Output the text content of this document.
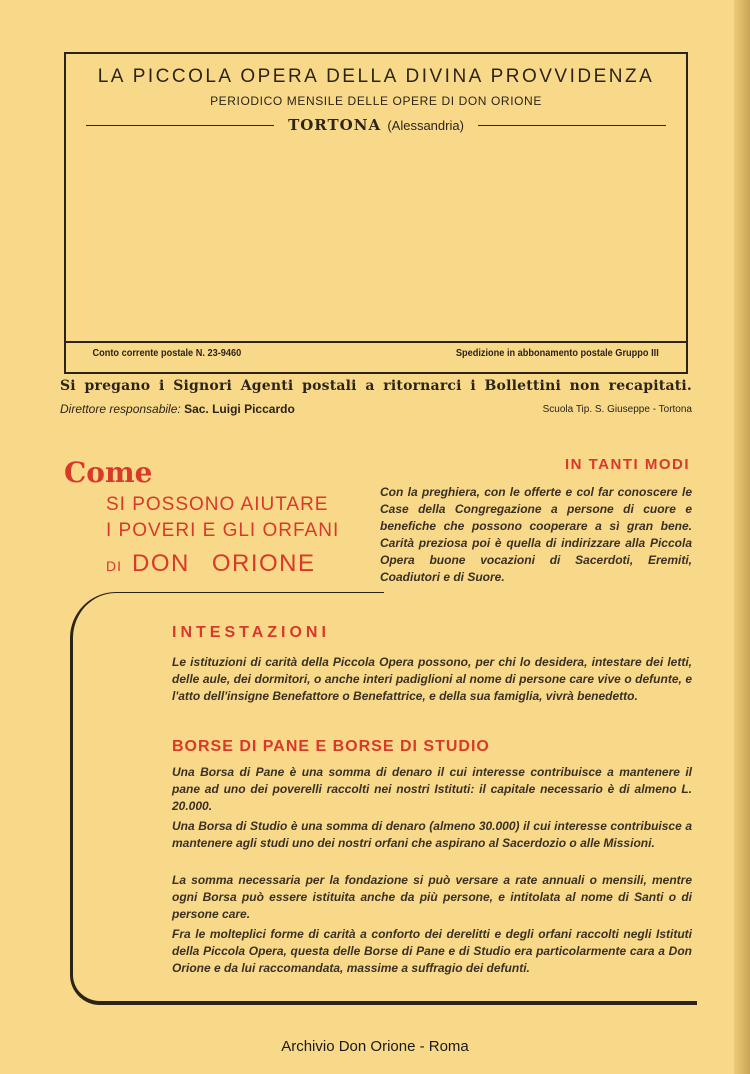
LA PICCOLA OPERA DELLA DIVINA PROVVIDENZA
PERIODICO MENSILE DELLE OPERE DI DON ORIONE
TORTONA (Alessandria)
Conto corrente postale N. 23-9460	Spedizione in abbonamento postale Gruppo III
Si pregano i Signori Agenti postali a ritornarci i Bollettini non recapitati.
Direttore responsabile: Sac. Luigi Piccardo	Scuola Tip. S. Giuseppe - Tortona
Come
SI POSSONO AIUTARE
I POVERI E GLI ORFANI
DI DON ORIONE
IN TANTI MODI
Con la preghiera, con le offerte e col far conoscere le Case della Congregazione a persone di cuore e benefiche che possono cooperare a sì gran bene. Carità preziosa poi è quella di indirizzare alla Piccola Opera buone vocazioni di Sacerdoti, Eremiti, Coadiutori e di Suore.
INTESTAZIONI
Le istituzioni di carità della Piccola Opera possono, per chi lo desidera, intestare dei letti, delle aule, dei dormitori, o anche interi padiglioni al nome di persone care vive o defunte, e l'atto dell'insigne Benefattore o Benefattrice, e della sua famiglia, vivrà benedetto.
BORSE DI PANE E BORSE DI STUDIO
Una Borsa di Pane è una somma di denaro il cui interesse contribuisce a mantenere il pane ad uno dei poverelli raccolti nei nostri Istituti: il capitale necessario è di almeno L. 20.000.
Una Borsa di Studio è una somma di denaro (almeno 30.000) il cui interesse contribuisce a mantenere agli studi uno dei nostri orfani che aspirano al Sacerdozio o alle Missioni.
La somma necessaria per la fondazione si può versare a rate annuali o mensili, mentre ogni Borsa può essere istituita anche da più persone, e intitolata al nome di Santi o di persone care.
Fra le molteplici forme di carità a conforto dei derelitti e degli orfani raccolti negli Istituti della Piccola Opera, questa delle Borse di Pane e di Studio era particolarmente cara a Don Orione e da lui raccomandata, massime a suffragio dei defunti.
Archivio Don Orione - Roma
